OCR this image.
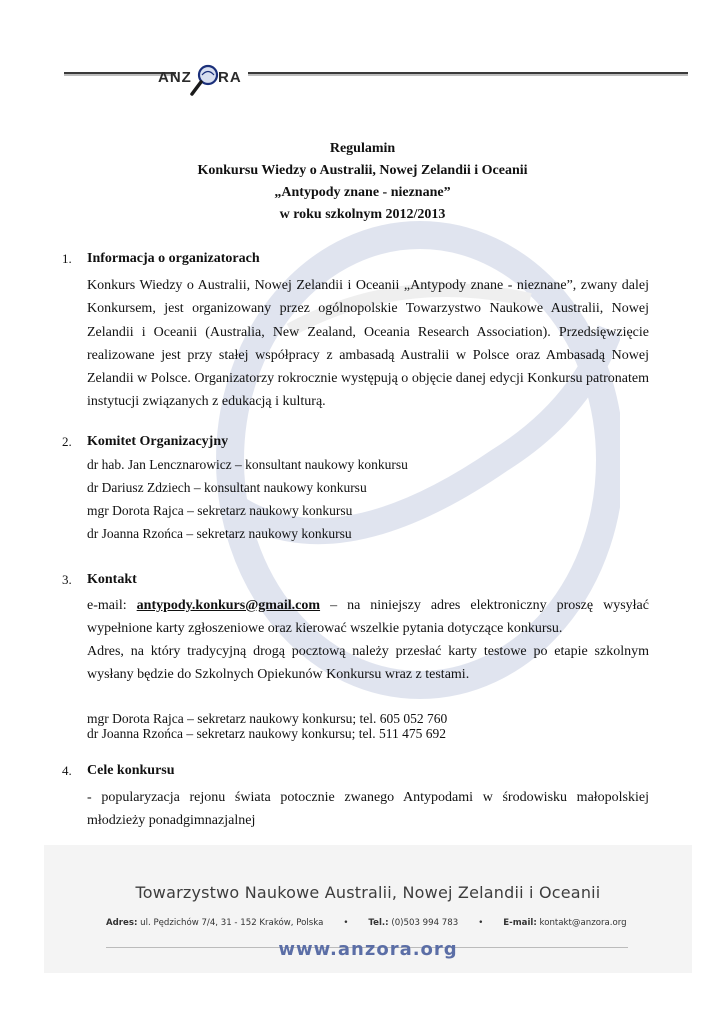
ANZ RA
Regulamin
Konkursu Wiedzy o Australii, Nowej Zelandii i Oceanii
„Antypody znane - nieznane”
w roku szkolnym 2012/2013
1.	Informacja o organizatorach
Konkurs Wiedzy o Australii, Nowej Zelandii i Oceanii „Antypody znane - nieznane”, zwany dalej Konkursem, jest organizowany przez ogólnopolskie Towarzystwo Naukowe Australii, Nowej Zelandii i Oceanii (Australia, New Zealand, Oceania Research Association). Przedsięwzięcie realizowane jest przy stałej współpracy z ambasadą Australii w Polsce oraz Ambasadą Nowej Zelandii w Polsce. Organizatorzy rokrocznie występują o objęcie danej edycji Konkursu patronatem instytucji związanych z edukacją i kulturą.
2.	Komitet Organizacyjny
dr hab. Jan Lencznarowicz – konsultant naukowy konkursu
dr Dariusz Zdziech – konsultant naukowy konkursu
mgr Dorota Rajca – sekretarz naukowy konkursu
dr Joanna Rzońca – sekretarz naukowy konkursu
3.	Kontakt
e-mail: antypody.konkurs@gmail.com – na niniejszy adres elektroniczny proszę wysyłać wypełnione karty zgłoszeniowe oraz kierować wszelkie pytania dotyczące konkursu.
Adres, na który tradycyjną drogą pocztową należy przesłać karty testowe po etapie szkolnym wysłany będzie do Szkolnych Opiekunów Konkursu wraz z testami.
mgr Dorota Rajca – sekretarz naukowy konkursu; tel. 605 052 760
dr Joanna Rzońca – sekretarz naukowy konkursu; tel. 511 475 692
4.	Cele konkursu
- popularyzacja rejonu świata potocznie zwanego Antypodami w środowisku małopolskiej młodzieży ponadgimnazjalnej
Towarzystwo Naukowe Australii, Nowej Zelandii i Oceanii
Adres: ul. Pędzichów 7/4, 31 - 152 Kraków, Polska • Tel.: (0)503 994 783 • E-mail: kontakt@anzora.org
www.anzora.org
